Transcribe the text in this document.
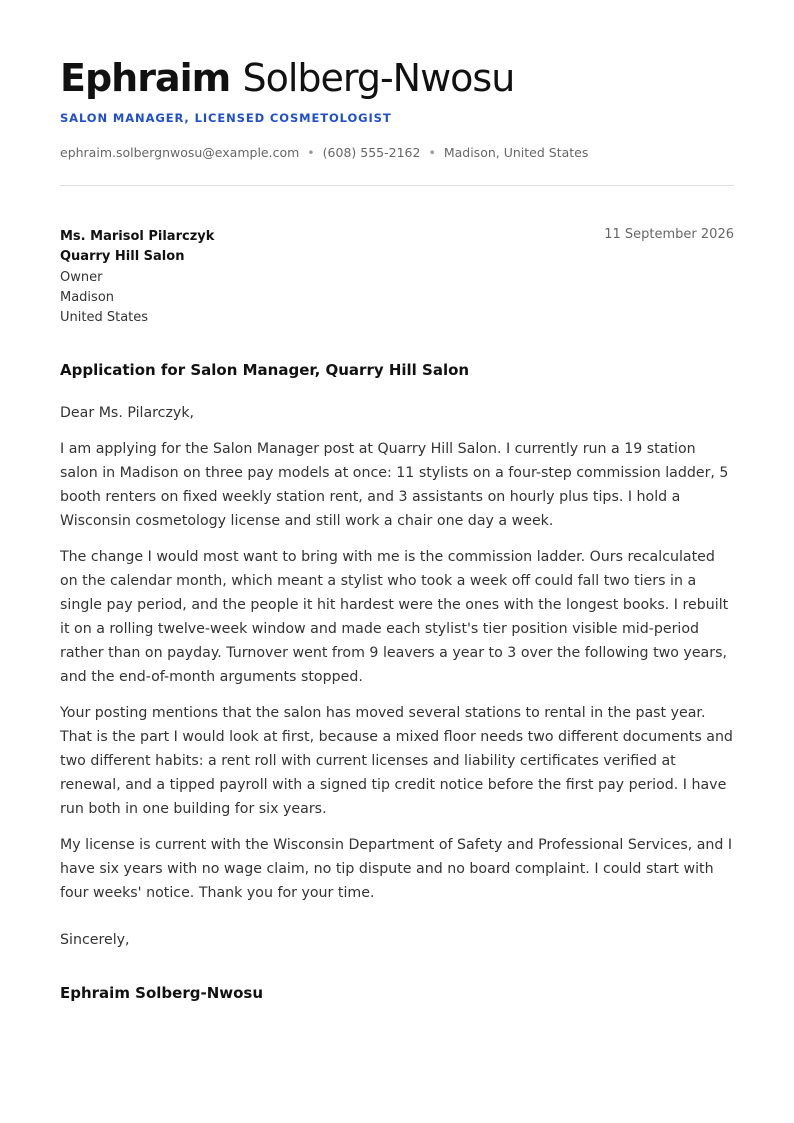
Ephraim Solberg-Nwosu
SALON MANAGER, LICENSED COSMETOLOGIST
ephraim.solbergnwosu@example.com • (608) 555-2162 • Madison, United States
Ms. Marisol Pilarczyk
Quarry Hill Salon
Owner
Madison
United States
11 September 2026
Application for Salon Manager, Quarry Hill Salon

Dear Ms. Pilarczyk,

I am applying for the Salon Manager post at Quarry Hill Salon. I currently run a 19 station salon in Madison on three pay models at once: 11 stylists on a four-step commission ladder, 5 booth renters on fixed weekly station rent, and 3 assistants on hourly plus tips. I hold a Wisconsin cosmetology license and still work a chair one day a week.

The change I would most want to bring with me is the commission ladder. Ours recalculated on the calendar month, which meant a stylist who took a week off could fall two tiers in a single pay period, and the people it hit hardest were the ones with the longest books. I rebuilt it on a rolling twelve-week window and made each stylist's tier position visible mid-period rather than on payday. Turnover went from 9 leavers a year to 3 over the following two years, and the end-of-month arguments stopped.

Your posting mentions that the salon has moved several stations to rental in the past year. That is the part I would look at first, because a mixed floor needs two different documents and two different habits: a rent roll with current licenses and liability certificates verified at renewal, and a tipped payroll with a signed tip credit notice before the first pay period. I have run both in one building for six years.

My license is current with the Wisconsin Department of Safety and Professional Services, and I have six years with no wage claim, no tip dispute and no board complaint. I could start with four weeks' notice. Thank you for your time.

Sincerely,
Ephraim Solberg-Nwosu
